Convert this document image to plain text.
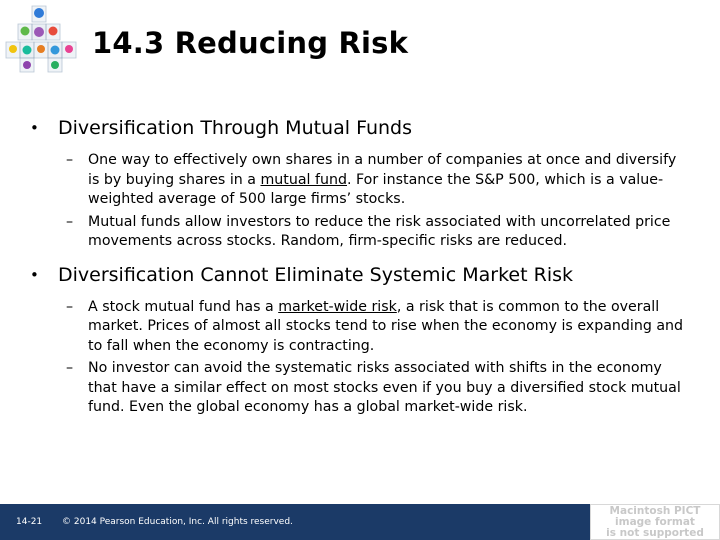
14.3 Reducing Risk
• Diversification Through Mutual Funds
– One way to effectively own shares in a number of companies at once and diversify is by buying shares in a mutual fund. For instance the S&P 500, which is a value-weighted average of 500 large firms’ stocks.
– Mutual funds allow investors to reduce the risk associated with uncorrelated price movements across stocks. Random, firm-specific risks are reduced.
• Diversification Cannot Eliminate Systemic Market Risk
– A stock mutual fund has a market-wide risk, a risk that is common to the overall market. Prices of almost all stocks tend to rise when the economy is expanding and to fall when the economy is contracting.
– No investor can avoid the systematic risks associated with shifts in the economy that have a similar effect on most stocks even if you buy a diversified stock mutual fund. Even the global economy has a global market-wide risk.
14-21 © 2014 Pearson Education, Inc. All rights reserved.
Macintosh PICT
image format
is not supported
